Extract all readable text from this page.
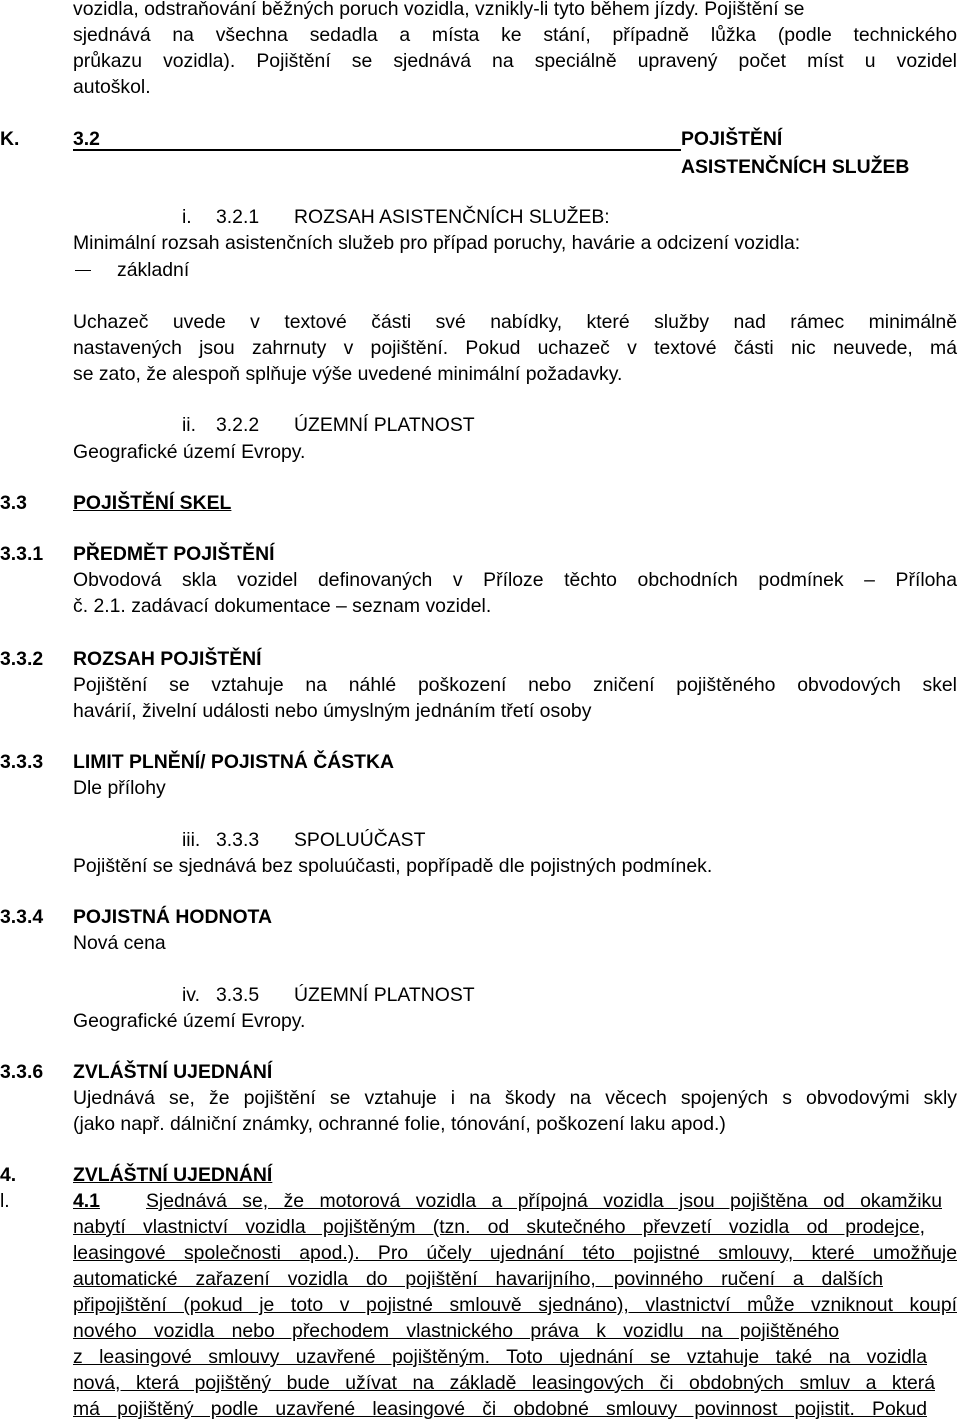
vozidla, odstraňování běžných poruch vozidla, vznikly-li tyto během jízdy. Pojištění se
sjednává na všechna sedadla a místa ke stání, případně lůžka (podle technického
průkazu vozidla). Pojištění se sjednává na speciálně upravený počet míst u vozidel
autoškol.
K.	3.2	POJIŠTĚNÍ
ASISTENČNÍCH SLUŽEB
i. 3.2.1 ROZSAH ASISTENČNÍCH SLUŽEB:
Minimální rozsah asistenčních služeb pro případ poruchy, havárie a odcizení vozidla:
základní
Uchazeč uvede v textové části své nabídky, které služby nad rámec minimálně
nastavených jsou zahrnuty v pojištění. Pokud uchazeč v textové části nic neuvede, má
se zato, že alespoň splňuje výše uvedené minimální požadavky.
ii. 3.2.2 ÚZEMNÍ PLATNOST
Geografické území Evropy.
3.3 POJIŠTĚNÍ SKEL
3.3.1 PŘEDMĚT POJIŠTĚNÍ
Obvodová skla vozidel definovaných v Příloze těchto obchodních podmínek – Příloha
č. 2.1. zadávací dokumentace – seznam vozidel.
3.3.2 ROZSAH POJIŠTĚNÍ
Pojištění se vztahuje na náhlé poškození nebo zničení pojištěného obvodových skel
havárií, živelní události nebo úmyslným jednáním třetí osoby
3.3.3 LIMIT PLNĚNÍ/ POJISTNÁ ČÁSTKA
Dle přílohy
iii. 3.3.3 SPOLUÚČAST
Pojištění se sjednává bez spoluúčasti, popřípadě dle pojistných podmínek.
3.3.4 POJISTNÁ HODNOTA
Nová cena
iv. 3.3.5 ÚZEMNÍ PLATNOST
Geografické území Evropy.
3.3.6 ZVLÁŠTNÍ UJEDNÁNÍ
Ujednává se, že pojištění se vztahuje i na škody na věcech spojených s obvodovými skly
(jako např. dálniční známky, ochranné folie, tónování, poškození laku apod.)
4.	ZVLÁŠTNÍ UJEDNÁNÍ
l.	4.1 Sjednává se, že motorová vozidla a přípojná vozidla jsou pojištěna od okamžiku
nabytí vlastnictví vozidla pojištěným (tzn. od skutečného převzetí vozidla od prodejce,
leasingové společnosti apod.). Pro účely ujednání této pojistné smlouvy, které umožňuje
automatické zařazení vozidla do pojištění havarijního, povinného ručení a dalších
připojištění (pokud je toto v pojistné smlouvě sjednáno), vlastnictví může vzniknout koupí
nového vozidla nebo přechodem vlastnického práva k vozidlu na pojištěného
z leasingové smlouvy uzavřené pojištěným. Toto ujednání se vztahuje také na vozidla
nová, která pojištěný bude užívat na základě leasingových či obdobných smluv a která
má pojištěný podle uzavřené leasingové či obdobné smlouvy povinnost pojistit. Pokud
